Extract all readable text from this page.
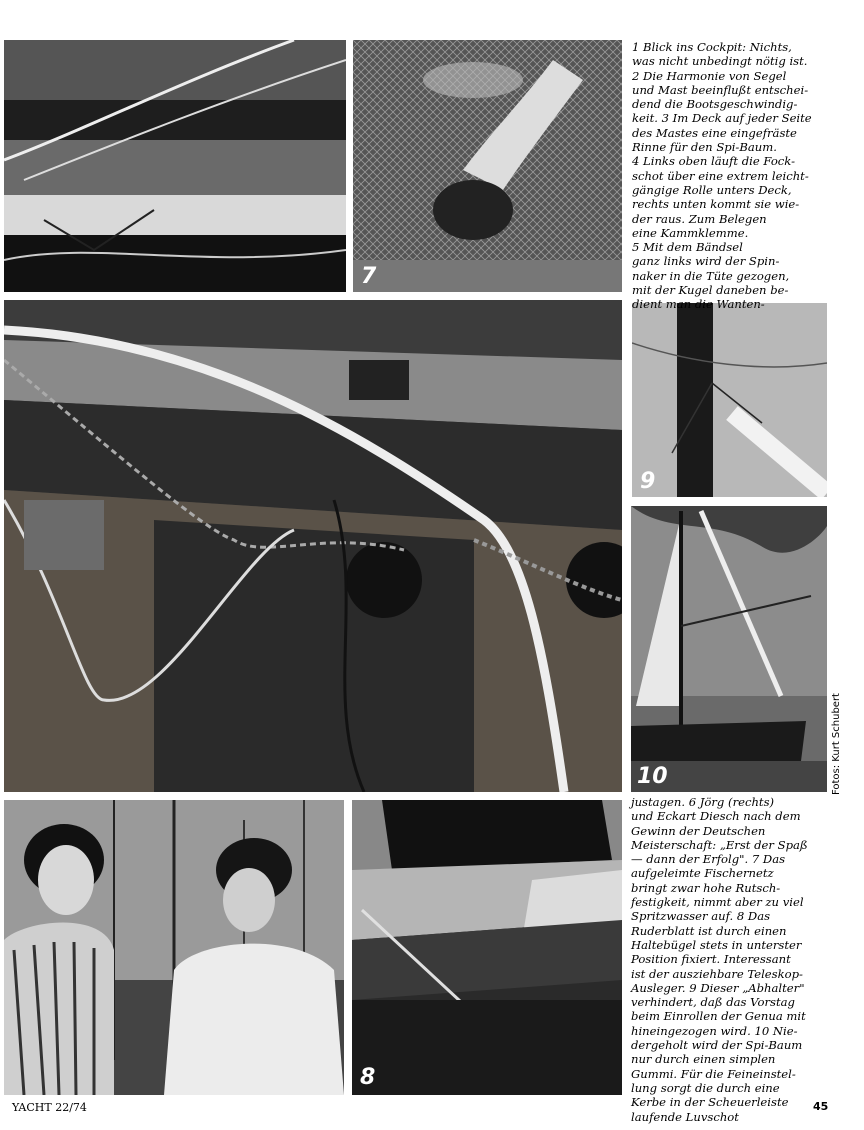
7
9
10
8
1 Blick ins Cockpit: Nichts,
was nicht unbedingt nötig ist.
2 Die Harmonie von Segel
und Mast beeinflußt entschei-
dend die Bootsgeschwindig-
keit. 3 Im Deck auf jeder Seite
des Mastes eine eingefräste
Rinne für den Spi-Baum.
4 Links oben läuft die Fock-
schot über eine extrem leicht-
gängige Rolle unters Deck,
rechts unten kommt sie wie-
der raus. Zum Belegen
eine Kammklemme.
5 Mit dem Bändsel
ganz links wird der Spin-
naker in die Tüte gezogen,
mit der Kugel daneben be-
dient man die Wanten-
justagen. 6 Jörg (rechts)
und Eckart Diesch nach dem
Gewinn der Deutschen
Meisterschaft: „Erst der Spaß
— dann der Erfolg". 7 Das
aufgeleimte Fischernetz
bringt zwar hohe Rutsch-
festigkeit, nimmt aber zu viel
Spritzwasser auf. 8 Das
Ruderblatt ist durch einen
Haltebügel stets in unterster
Position fixiert. Interessant
ist der ausziehbare Teleskop-
Ausleger. 9 Dieser „Abhalter"
verhindert, daß das Vorstag
beim Einrollen der Genua mit
hineingezogen wird. 10 Nie-
dergeholt wird der Spi-Baum
nur durch einen simplen
Gummi. Für die Feineinstel-
lung sorgt die durch eine
Kerbe in der Scheuerleiste
laufende Luvschot
Fotos: Kurt Schubert
YACHT 22/74	45
